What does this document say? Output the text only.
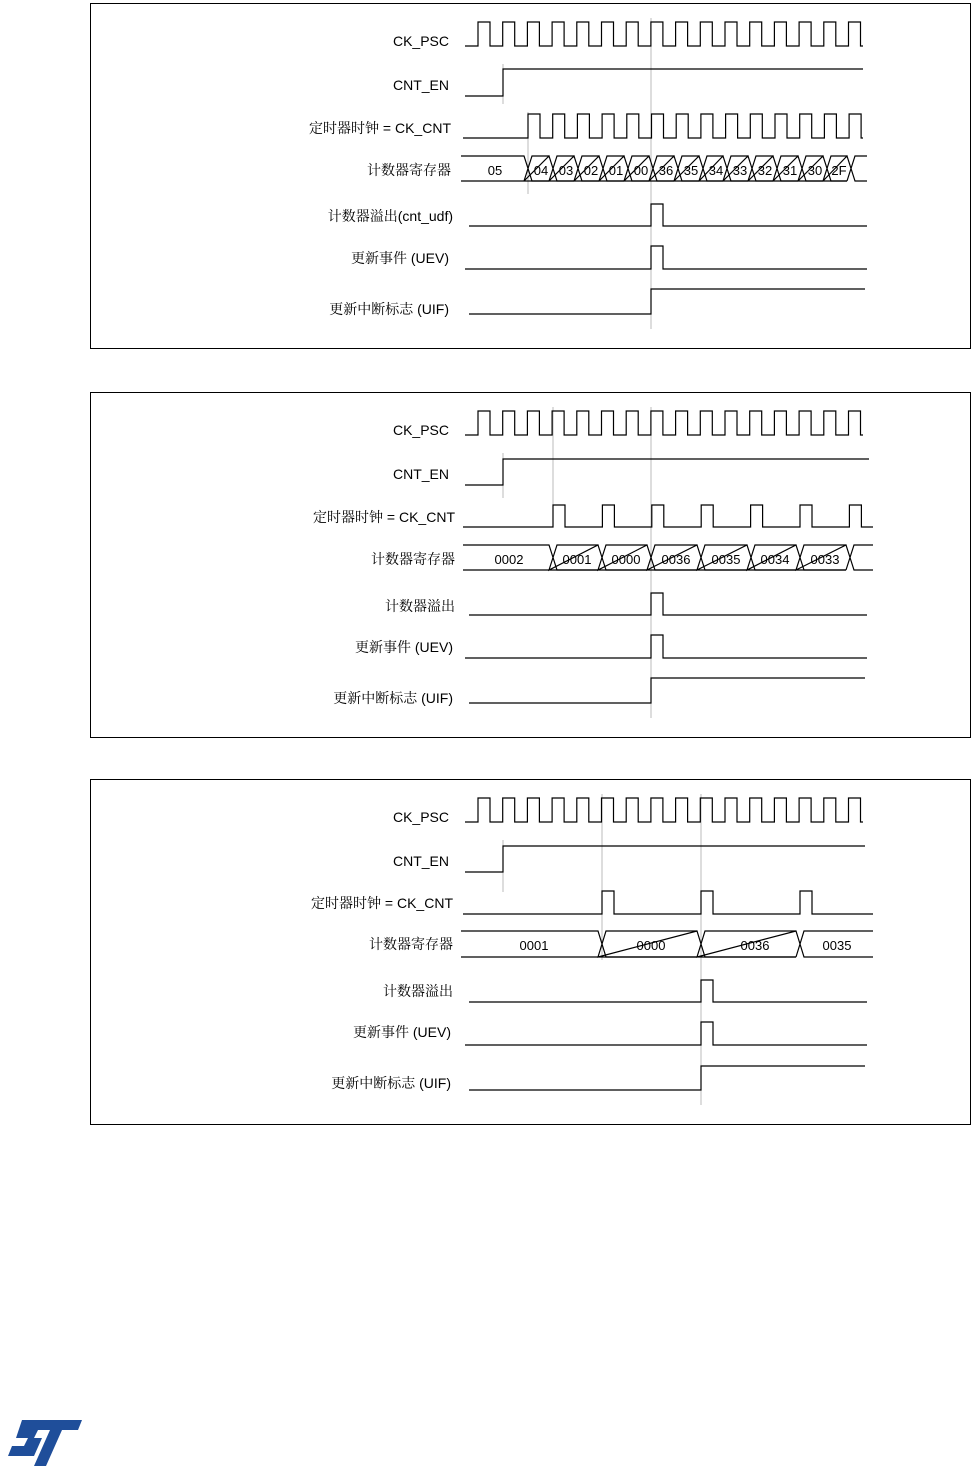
CK_PSC
CNT_EN
定时器时钟 = CK_CNT
计数器寄存器
计数器溢出(cnt_udf)
更新事件 (UEV)
更新中断标志 (UIF)
05 04 03 02 01 00 36 35 34 33 32 31 30 2F
CK_PSC
CNT_EN
定时器时钟 = CK_CNT
计数器寄存器
计数器溢出
更新事件 (UEV)
更新中断标志 (UIF)
0002	0001 0000 0036 0035 0034 0033
CK_PSC
CNT_EN
定时器时钟 = CK_CNT
计数器寄存器
计数器溢出
更新事件 (UEV)
更新中断标志 (UIF)
0001	0000	0036	0035
